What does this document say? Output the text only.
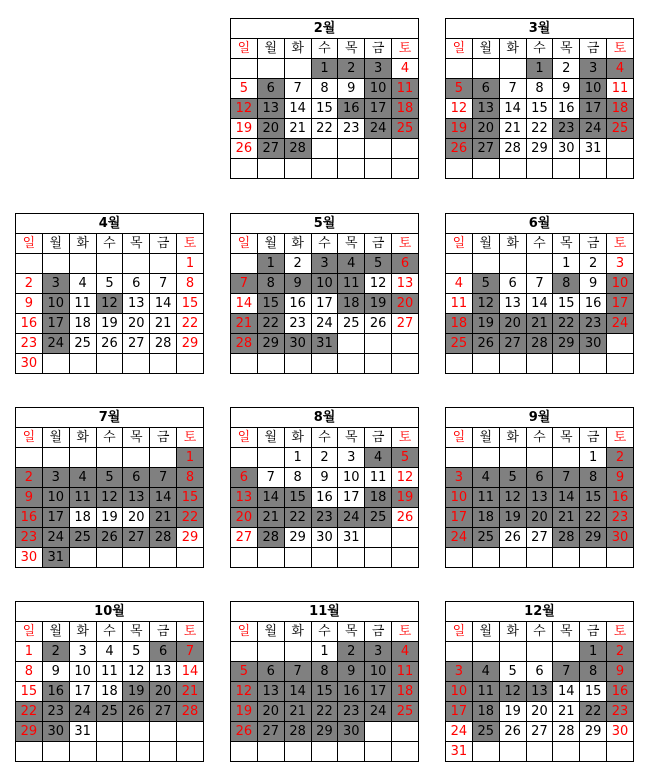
2월						
일	월	화	수	목	금	토
			1	2	3	4
5	6	7	8	9	10	11
12	13	14	15	16	17	18
19	20	21	22	23	24	25
26	27	28				

3월						
일	월	화	수	목	금	토
			1	2	3	4
5	6	7	8	9	10	11
12	13	14	15	16	17	18
19	20	21	22	23	24	25
26	27	28	29	30	31	

4월						
일	월	화	수	목	금	토
						1
2	3	4	5	6	7	8
9	10	11	12	13	14	15
16	17	18	19	20	21	22
23	24	25	26	27	28	29
30						
5월						
일	월	화	수	목	금	토
	1	2	3	4	5	6
7	8	9	10	11	12	13
14	15	16	17	18	19	20
21	22	23	24	25	26	27
28	29	30	31			

6월						
일	월	화	수	목	금	토
				1	2	3
4	5	6	7	8	9	10
11	12	13	14	15	16	17
18	19	20	21	22	23	24
25	26	27	28	29	30	

7월						
일	월	화	수	목	금	토
						1
2	3	4	5	6	7	8
9	10	11	12	13	14	15
16	17	18	19	20	21	22
23	24	25	26	27	28	29
30	31					
8월						
일	월	화	수	목	금	토
		1	2	3	4	5
6	7	8	9	10	11	12
13	14	15	16	17	18	19
20	21	22	23	24	25	26
27	28	29	30	31		

9월						
일	월	화	수	목	금	토
					1	2
3	4	5	6	7	8	9
10	11	12	13	14	15	16
17	18	19	20	21	22	23
24	25	26	27	28	29	30

10월						
일	월	화	수	목	금	토
1	2	3	4	5	6	7
8	9	10	11	12	13	14
15	16	17	18	19	20	21
22	23	24	25	26	27	28
29	30	31				

11월						
일	월	화	수	목	금	토
			1	2	3	4
5	6	7	8	9	10	11
12	13	14	15	16	17	18
19	20	21	22	23	24	25
26	27	28	29	30		

12월						
일	월	화	수	목	금	토
					1	2
3	4	5	6	7	8	9
10	11	12	13	14	15	16
17	18	19	20	21	22	23
24	25	26	27	28	29	30
31						
